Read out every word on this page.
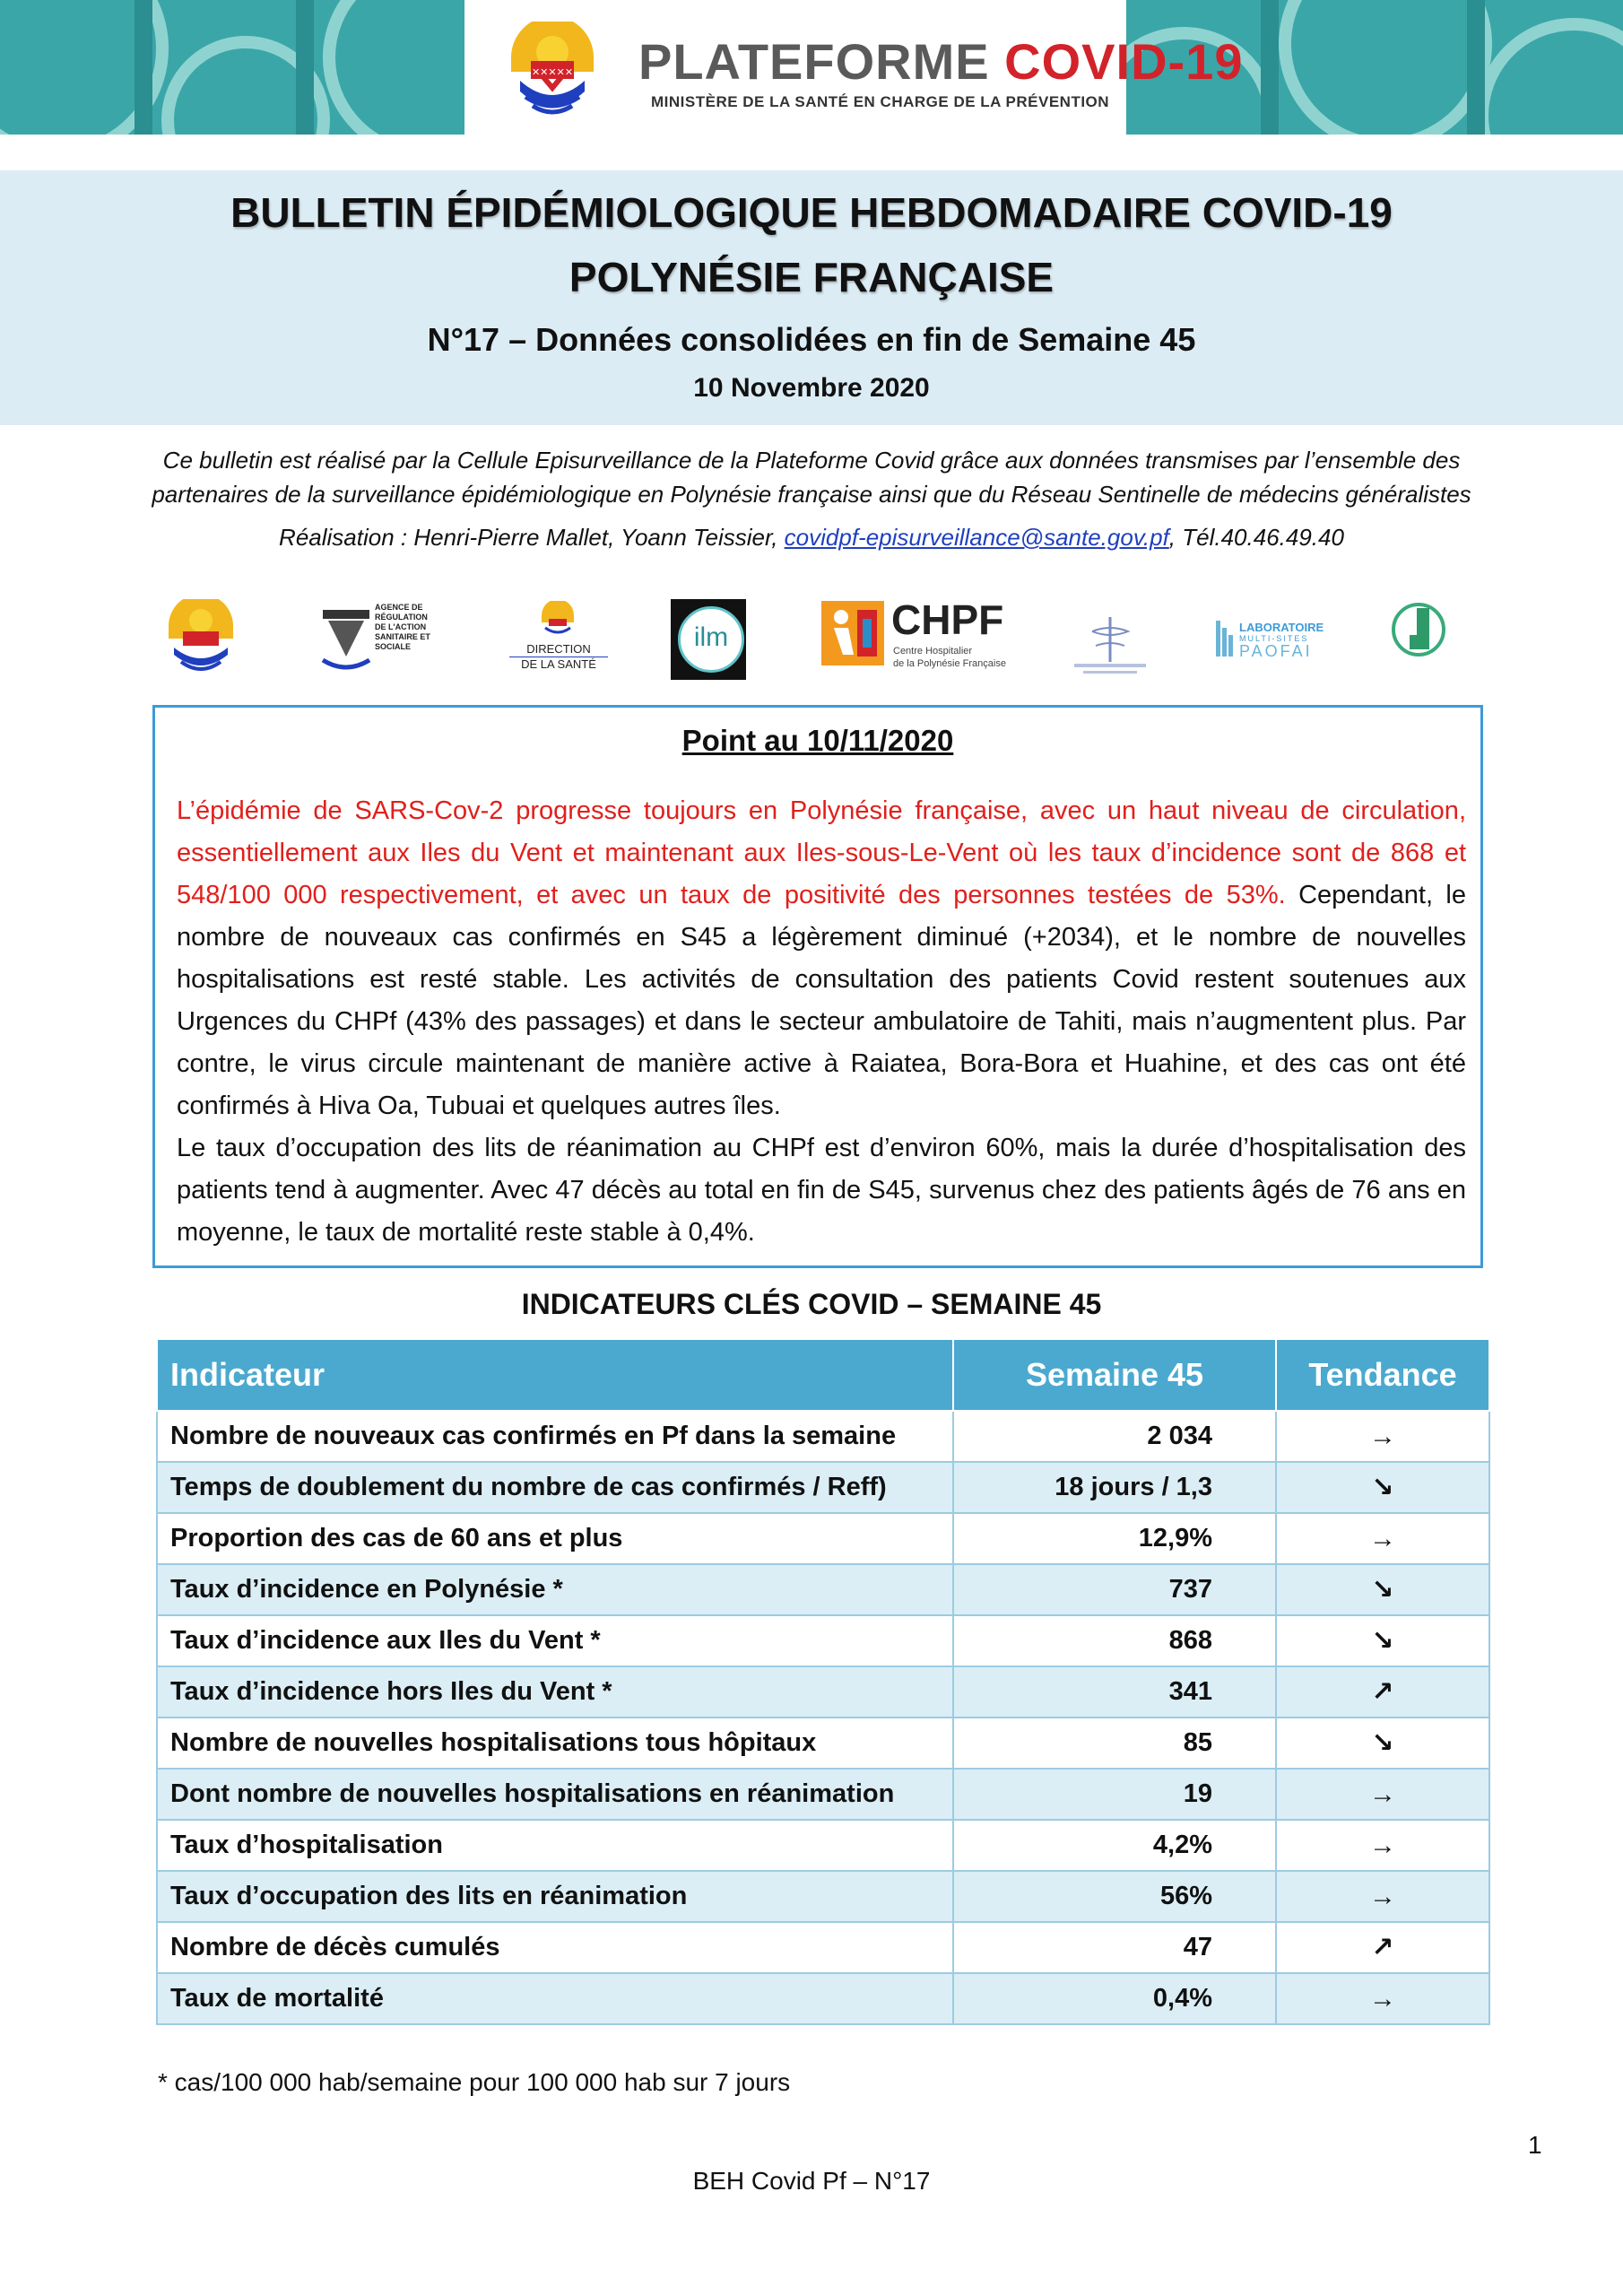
✕✕✕✕✕ PLATEFORME COVID-19
MINISTÈRE DE LA SANTÉ EN CHARGE DE LA PRÉVENTION
BULLETIN ÉPIDÉMIOLOGIQUE HEBDOMADAIRE COVID-19
POLYNÉSIE FRANÇAISE
N°17 – Données consolidées en fin de Semaine 45
10 Novembre 2020
Ce bulletin est réalisé par la Cellule Episurveillance de la Plateforme Covid grâce aux données transmises par l’ensemble des partenaires de la surveillance épidémiologique en Polynésie française ainsi que du Réseau Sentinelle de médecins généralistes
Réalisation : Henri-Pierre Mallet, Yoann Teissier, covidpf-episurveillance@sante.gov.pf, Tél.40.46.49.40
AGENCE DE RÉGULATION DE L'ACTION SANITAIRE ET SOCIALE	DIRECTION
DE LA SANTÉ
ilm	CHPF
Centre Hospitalier
de la Polynésie Française
LABORATOIRE
MULTI-SITES
PAOFAI
Point au 10/11/2020

L’épidémie de SARS-Cov-2 progresse toujours en Polynésie française, avec un haut niveau de circulation, essentiellement aux Iles du Vent et maintenant aux Iles-sous-Le-Vent où les taux d’incidence sont de 868 et 548/100 000 respectivement, et avec un taux de positivité des personnes testées de 53%. Cependant, le nombre de nouveaux cas confirmés en S45 a légèrement diminué (+2034), et le nombre de nouvelles hospitalisations est resté stable. Les activités de consultation des patients Covid restent soutenues aux Urgences du CHPf (43% des passages) et dans le secteur ambulatoire de Tahiti, mais n’augmentent plus. Par contre, le virus circule maintenant de manière active à Raiatea, Bora-Bora et Huahine, et des cas ont été confirmés à Hiva Oa, Tubuai et quelques autres îles.

Le taux d’occupation des lits de réanimation au CHPf est d’environ 60%, mais la durée d’hospitalisation des patients tend à augmenter. Avec 47 décès au total en fin de S45, survenus chez des patients âgés de 76 ans en moyenne, le taux de mortalité reste stable à 0,4%.

INDICATEURS CLÉS COVID – SEMAINE 45
Indicateur	Semaine 45	Tendance
Nombre de nouveaux cas confirmés en Pf dans la semaine	2 034	→
Temps de doublement du nombre de cas confirmés / Reff)	18 jours / 1,3	↘
Proportion des cas de 60 ans et plus	12,9%	→
Taux d’incidence en Polynésie *	737	↘
Taux d’incidence aux Iles du Vent *	868	↘
Taux d’incidence hors Iles du Vent *	341	↗
Nombre de nouvelles hospitalisations tous hôpitaux	85	↘
Dont nombre de nouvelles hospitalisations en réanimation	19	→
Taux d’hospitalisation	4,2%	→
Taux d’occupation des lits en réanimation	56%	→
Nombre de décès cumulés	47	↗
Taux de mortalité	0,4%	→
* cas/100 000 hab/semaine pour 100 000 hab sur 7 jours
1
BEH Covid Pf – N°17
